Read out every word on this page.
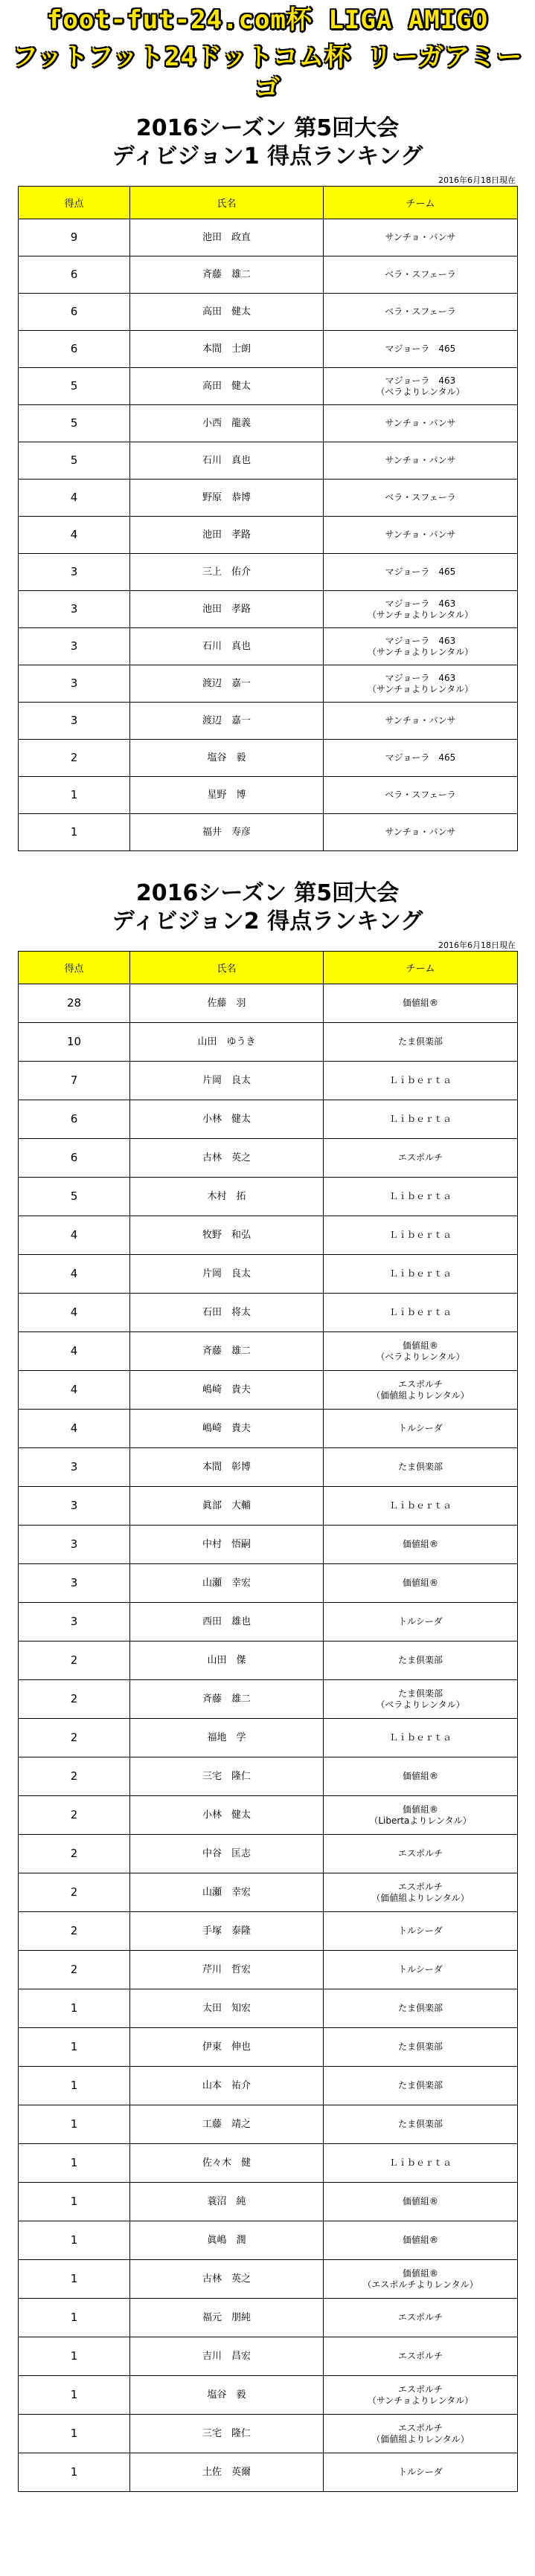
foot-fut-24.com杯 LIGA AMIGO
フットフット24ドットコム杯 リーガアミーゴ
2016シーズン 第5回大会
ディビジョン1 得点ランキング
2016年6月18日現在
得点	氏名	チーム
9	池田　政直	サンチョ・パンサ

6	斉藤　雄二	ベラ・スフェーラ

6	高田　健太	ベラ・スフェーラ

6	本間　士朗	マジョーラ　465

5	高田　健太	マジョーラ　463
（ベラよりレンタル）

5	小西　龍義	サンチョ・パンサ

5	石川　真也	サンチョ・パンサ

4	野原　恭博	ベラ・スフェーラ

4	池田　孝路	サンチョ・パンサ

3	三上　佑介	マジョーラ　465

3	池田　孝路	マジョーラ　463
（サンチョよりレンタル）

3	石川　真也	マジョーラ　463
（サンチョよりレンタル）

3	渡辺　嘉一	マジョーラ　463
（サンチョよりレンタル）

3	渡辺　嘉一	サンチョ・パンサ

2	塩谷　毅	マジョーラ　465

1	星野　博	ベラ・スフェーラ

1	福井　寿彦	サンチョ・パンサ
2016シーズン 第5回大会
ディビジョン2 得点ランキング
2016年6月18日現在
得点	氏名	チーム
28	佐藤　羽	価値組®

10	山田　ゆうき	たま倶楽部

7	片岡　良太	Ｌｉｂｅｒｔａ

6	小林　健太	Ｌｉｂｅｒｔａ

6	古林　英之	エスポルチ

5	木村　拓	Ｌｉｂｅｒｔａ

4	牧野　和弘	Ｌｉｂｅｒｔａ

4	片岡　良太	Ｌｉｂｅｒｔａ

4	石田　将太	Ｌｉｂｅｒｔａ

4	斉藤　雄二	価値組®
（ベラよりレンタル）

4	嶋崎　貴夫	エスポルチ
（価値組よりレンタル）

4	嶋崎　貴夫	トルシーダ

3	本間　彰博	たま倶楽部

3	眞部　大輔	Ｌｉｂｅｒｔａ

3	中村　悟嗣	価値組®

3	山瀬　幸宏	価値組®

3	西田　雄也	トルシーダ

2	山田　傑	たま倶楽部

2	斉藤　雄二	たま倶楽部
（ベラよりレンタル）

2	福地　学	Ｌｉｂｅｒｔａ

2	三宅　隆仁	価値組®

2	小林　健太	価値組®
（Libertaよりレンタル）

2	中谷　匡志	エスポルチ

2	山瀬　幸宏	エスポルチ
（価値組よりレンタル）

2	手塚　泰隆	トルシーダ

2	芹川　哲宏	トルシーダ

1	太田　知宏	たま倶楽部

1	伊東　伸也	たま倶楽部

1	山本　祐介	たま倶楽部

1	工藤　靖之	たま倶楽部

1	佐々木　健	Ｌｉｂｅｒｔａ

1	蓑沼　純	価値組®

1	眞嶋　潤	価値組®

1	古林　英之	価値組®
（エスポルチよりレンタル）

1	福元　朋純	エスポルチ

1	吉川　昌宏	エスポルチ

1	塩谷　毅	エスポルチ
（サンチョよりレンタル）

1	三宅　隆仁	エスポルチ
（価値組よりレンタル）

1	土佐　英爾	トルシーダ
